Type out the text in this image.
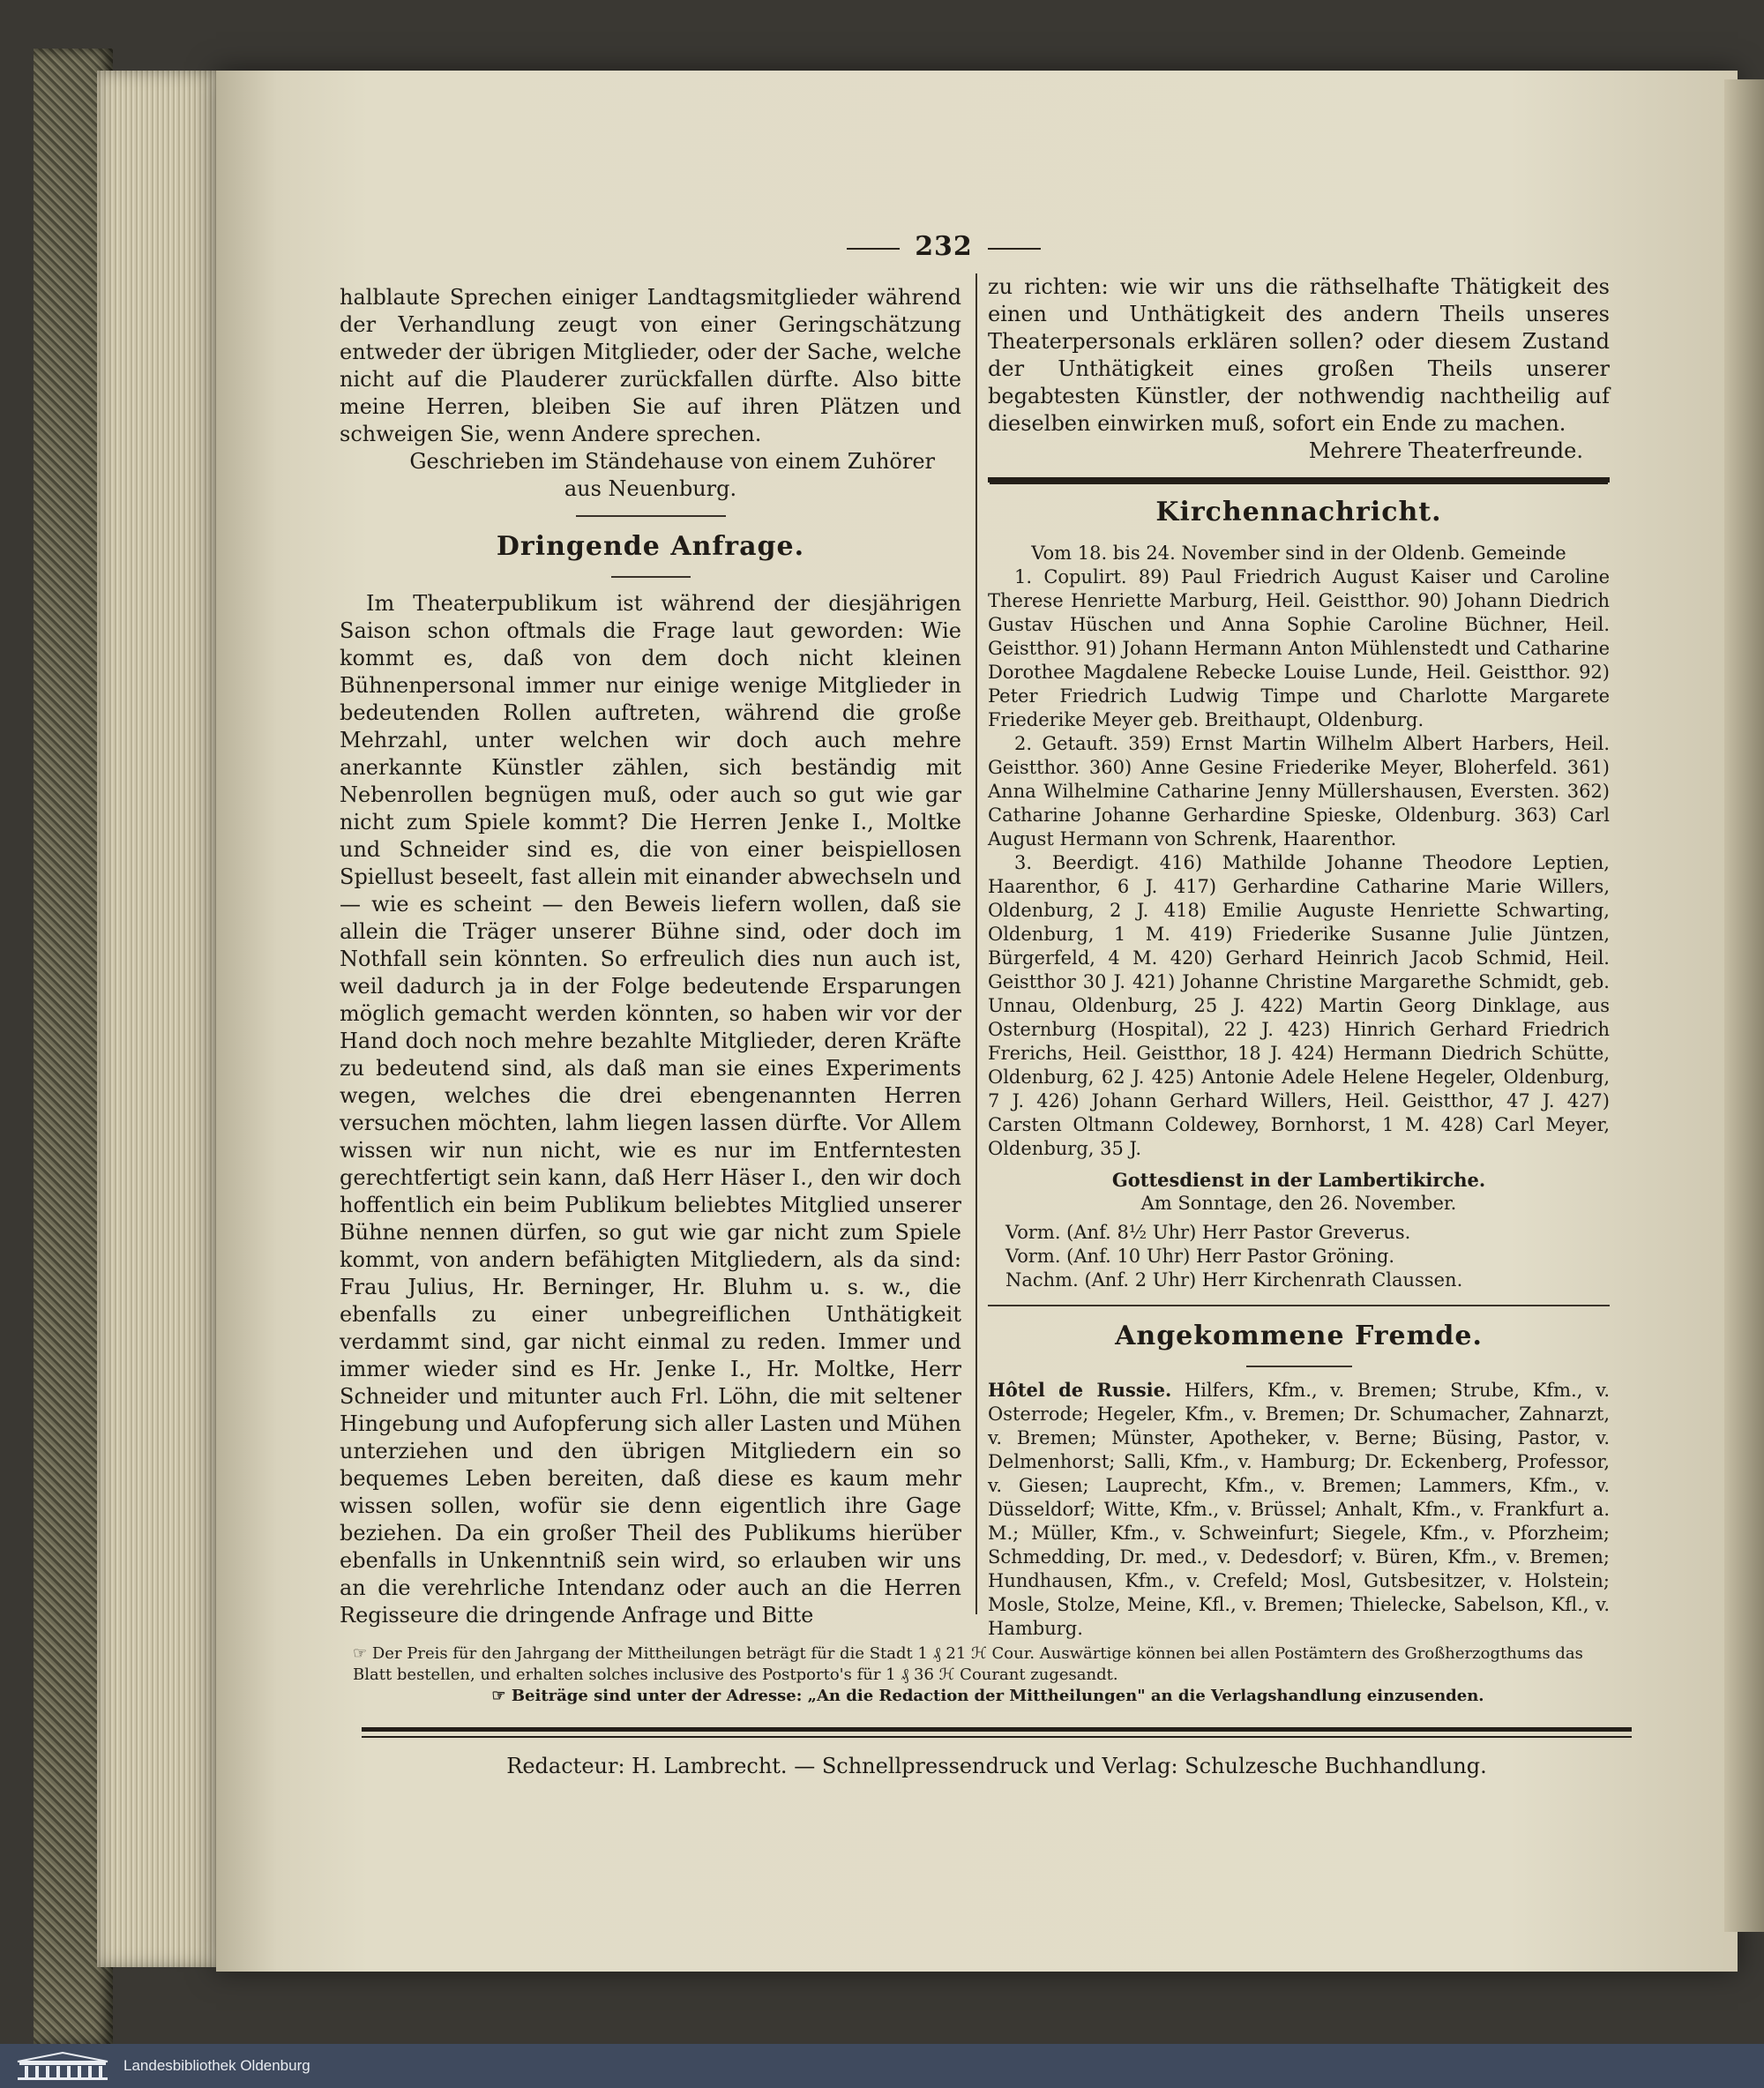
232

halblaute Sprechen einiger Landtagsmitglieder während der Verhandlung zeugt von einer Geringschätzung entweder der übrigen Mitglieder, oder der Sache, welche nicht auf die Plauderer zurückfallen dürfte. Also bitte meine Herren, bleiben Sie auf ihren Plätzen und schweigen Sie, wenn Andere sprechen.

Geschrieben im Ständehause von einem Zuhörer

aus Neuenburg.

Dringende Anfrage.

Im Theaterpublikum ist während der diesjährigen Saison schon oftmals die Frage laut geworden: Wie kommt es, daß von dem doch nicht kleinen Bühnenpersonal immer nur einige wenige Mitglieder in bedeutenden Rollen auftreten, während die große Mehrzahl, unter welchen wir doch auch mehre anerkannte Künstler zählen, sich beständig mit Nebenrollen begnügen muß, oder auch so gut wie gar nicht zum Spiele kommt? Die Herren Jenke I., Moltke und Schneider sind es, die von einer beispiellosen Spiellust beseelt, fast allein mit einander abwechseln und — wie es scheint — den Beweis liefern wollen, daß sie allein die Träger unserer Bühne sind, oder doch im Nothfall sein könnten. So erfreulich dies nun auch ist, weil dadurch ja in der Folge bedeutende Ersparungen möglich gemacht werden könnten, so haben wir vor der Hand doch noch mehre bezahlte Mitglieder, deren Kräfte zu bedeutend sind, als daß man sie eines Experiments wegen, welches die drei ebengenannten Herren versuchen möchten, lahm liegen lassen dürfte. Vor Allem wissen wir nun nicht, wie es nur im Entferntesten gerechtfertigt sein kann, daß Herr Häser I., den wir doch hoffentlich ein beim Publikum beliebtes Mitglied unserer Bühne nennen dürfen, so gut wie gar nicht zum Spiele kommt, von andern befähigten Mitgliedern, als da sind: Frau Julius, Hr. Berninger, Hr. Bluhm u. s. w., die ebenfalls zu einer unbegreiflichen Unthätigkeit verdammt sind, gar nicht einmal zu reden. Immer und immer wieder sind es Hr. Jenke I., Hr. Moltke, Herr Schneider und mitunter auch Frl. Löhn, die mit seltener Hingebung und Aufopferung sich aller Lasten und Mühen unterziehen und den übrigen Mitgliedern ein so bequemes Leben bereiten, daß diese es kaum mehr wissen sollen, wofür sie denn eigentlich ihre Gage beziehen. Da ein großer Theil des Publikums hierüber ebenfalls in Unkenntniß sein wird, so erlauben wir uns an die verehrliche Intendanz oder auch an die Herren Regisseure die dringende Anfrage und Bitte

zu richten: wie wir uns die räthselhafte Thätigkeit des einen und Unthätigkeit des andern Theils unseres Theaterpersonals erklären sollen? oder diesem Zustand der Unthätigkeit eines großen Theils unserer begabtesten Künstler, der nothwendig nachtheilig auf dieselben einwirken muß, sofort ein Ende zu machen.

Mehrere Theaterfreunde.

Kirchennachricht.

Vom 18. bis 24. November sind in der Oldenb. Gemeinde

1. Copulirt. 89) Paul Friedrich August Kaiser und Caroline Therese Henriette Marburg, Heil. Geistthor. 90) Johann Diedrich Gustav Hüschen und Anna Sophie Caroline Büchner, Heil. Geistthor. 91) Johann Hermann Anton Mühlenstedt und Catharine Dorothee Magdalene Rebecke Louise Lunde, Heil. Geistthor. 92) Peter Friedrich Ludwig Timpe und Charlotte Margarete Friederike Meyer geb. Breithaupt, Oldenburg.

2. Getauft. 359) Ernst Martin Wilhelm Albert Harbers, Heil. Geistthor. 360) Anne Gesine Friederike Meyer, Bloherfeld. 361) Anna Wilhelmine Catharine Jenny Müllershausen, Eversten. 362) Catharine Johanne Gerhardine Spieske, Oldenburg. 363) Carl August Hermann von Schrenk, Haarenthor.

3. Beerdigt. 416) Mathilde Johanne Theodore Leptien, Haarenthor, 6 J. 417) Gerhardine Catharine Marie Willers, Oldenburg, 2 J. 418) Emilie Auguste Henriette Schwarting, Oldenburg, 1 M. 419) Friederike Susanne Julie Jüntzen, Bürgerfeld, 4 M. 420) Gerhard Heinrich Jacob Schmid, Heil. Geistthor 30 J. 421) Johanne Christine Margarethe Schmidt, geb. Unnau, Oldenburg, 25 J. 422) Martin Georg Dinklage, aus Osternburg (Hospital), 22 J. 423) Hinrich Gerhard Friedrich Frerichs, Heil. Geistthor, 18 J. 424) Hermann Diedrich Schütte, Oldenburg, 62 J. 425) Antonie Adele Helene Hegeler, Oldenburg, 7 J. 426) Johann Gerhard Willers, Heil. Geistthor, 47 J. 427) Carsten Oltmann Coldewey, Bornhorst, 1 M. 428) Carl Meyer, Oldenburg, 35 J.

Gottesdienst in der Lambertikirche.

Am Sonntage, den 26. November.

Vorm. (Anf. 8½ Uhr) Herr Pastor Greverus.

Vorm. (Anf. 10 Uhr) Herr Pastor Gröning.

Nachm. (Anf. 2 Uhr) Herr Kirchenrath Claussen.

Angekommene Fremde.

Hôtel de Russie. Hilfers, Kfm., v. Bremen; Strube, Kfm., v. Osterrode; Hegeler, Kfm., v. Bremen; Dr. Schumacher, Zahnarzt, v. Bremen; Münster, Apotheker, v. Berne; Büsing, Pastor, v. Delmenhorst; Salli, Kfm., v. Hamburg; Dr. Eckenberg, Professor, v. Giesen; Lauprecht, Kfm., v. Bremen; Lammers, Kfm., v. Düsseldorf; Witte, Kfm., v. Brüssel; Anhalt, Kfm., v. Frankfurt a. M.; Müller, Kfm., v. Schweinfurt; Siegele, Kfm., v. Pforzheim; Schmedding, Dr. med., v. Dedesdorf; v. Büren, Kfm., v. Bremen; Hundhausen, Kfm., v. Crefeld; Mosl, Gutsbesitzer, v. Holstein; Mosle, Stolze, Meine, Kfl., v. Bremen; Thielecke, Sabelson, Kfl., v. Hamburg.

☞ Der Preis für den Jahrgang der Mittheilungen beträgt für die Stadt 1 ₰ 21 ℋ Cour. Auswärtige können bei allen Postämtern des Großherzogthums das Blatt bestellen, und erhalten solches inclusive des Postporto's für 1 ₰ 36 ℋ Courant zugesandt.

☞ Beiträge sind unter der Adresse: „An die Redaction der Mittheilungen" an die Verlagshandlung einzusenden.

Redacteur: H. Lambrecht. — Schnellpressendruck und Verlag: Schulzesche Buchhandlung.
Landesbibliothek Oldenburg
